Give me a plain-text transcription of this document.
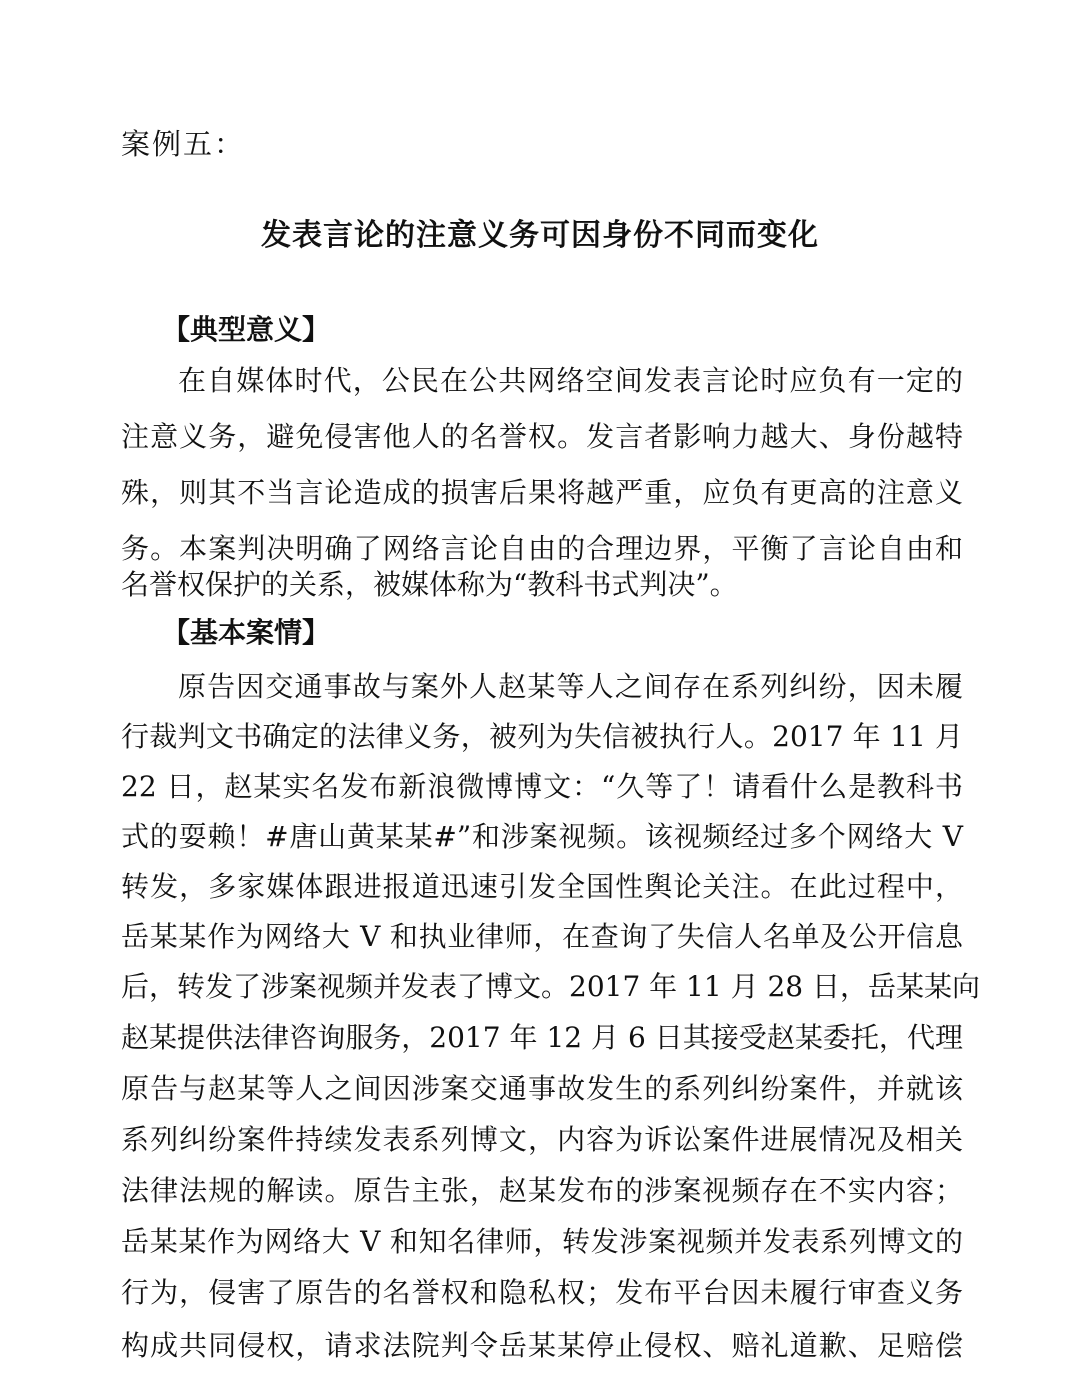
案例五：
发表言论的注意义务可因身份不同而变化
【典型意义】
在自媒体时代，公民在公共网络空间发表言论时应负有一定的
注意义务，避免侵害他人的名誉权。发言者影响力越大、身份越特
殊，则其不当言论造成的损害后果将越严重，应负有更高的注意义
务。本案判决明确了网络言论自由的合理边界，平衡了言论自由和
名誉权保护的关系，被媒体称为“教科书式判决”。
【基本案情】
原告因交通事故与案外人赵某等人之间存在系列纠纷，因未履
行裁判文书确定的法律义务，被列为失信被执行人。2017 年 11 月
22 日，赵某实名发布新浪微博博文：“久等了！请看什么是教科书
式的耍赖！#唐山黄某某#”和涉案视频。该视频经过多个网络大 V
转发，多家媒体跟进报道迅速引发全国性舆论关注。在此过程中，
岳某某作为网络大 V 和执业律师，在查询了失信人名单及公开信息
后，转发了涉案视频并发表了博文。2017 年 11 月 28 日，岳某某向
赵某提供法律咨询服务，2017 年 12 月 6 日其接受赵某委托，代理
原告与赵某等人之间因涉案交通事故发生的系列纠纷案件，并就该
系列纠纷案件持续发表系列博文，内容为诉讼案件进展情况及相关
法律法规的解读。原告主张，赵某发布的涉案视频存在不实内容；
岳某某作为网络大 V 和知名律师，转发涉案视频并发表系列博文的
行为，侵害了原告的名誉权和隐私权；发布平台因未履行审查义务
构成共同侵权，请求法院判令岳某某停止侵权、赔礼道歉、足赔偿
